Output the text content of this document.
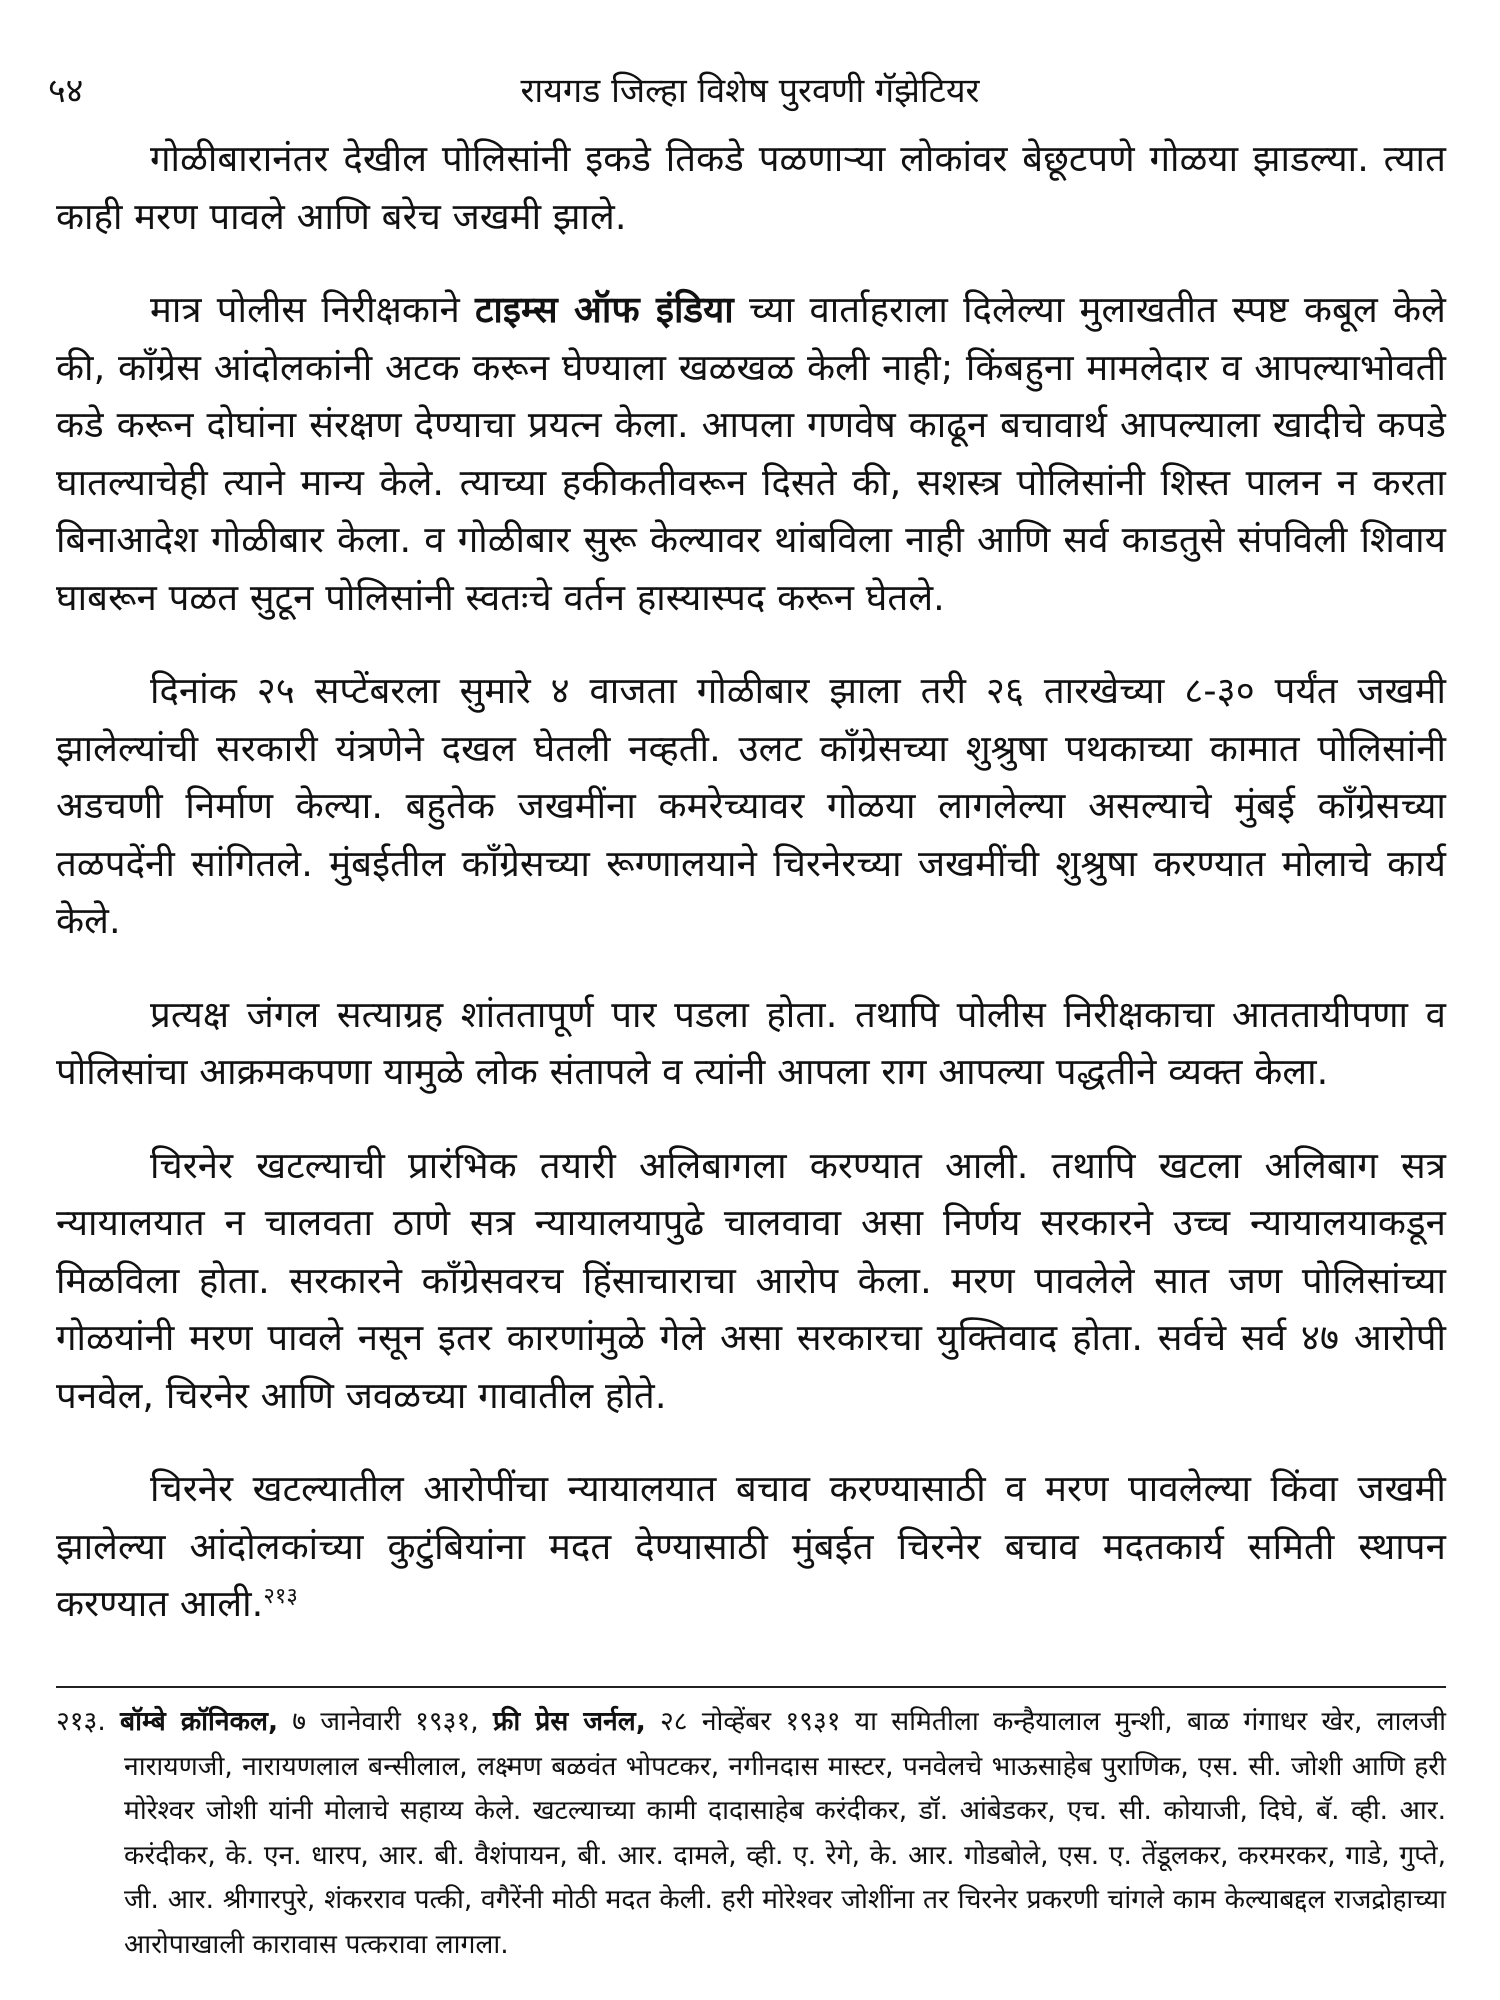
५४	रायगड जिल्हा विशेष पुरवणी गॅझेटियर

गोळीबारानंतर देखील पोलिसांनी इकडे तिकडे पळणाऱ्या लोकांवर बेछूटपणे गोळया झाडल्या. त्यात काही मरण पावले आणि बरेच जखमी झाले.

मात्र पोलीस निरीक्षकाने टाइम्स ऑफ इंडिया च्या वार्ताहराला दिलेल्या मुलाखतीत स्पष्ट कबूल केले की, काँग्रेस आंदोलकांनी अटक करून घेण्याला खळखळ केली नाही; किंबहुना मामलेदार व आपल्याभोवती कडे करून दोघांना संरक्षण देण्याचा प्रयत्न केला. आपला गणवेष काढून बचावार्थ आपल्याला खादीचे कपडे घातल्याचेही त्याने मान्य केले. त्याच्या हकीकतीवरून दिसते की, सशस्त्र पोलिसांनी शिस्त पालन न करता बिनाआदेश गोळीबार केला. व गोळीबार सुरू केल्यावर थांबविला नाही आणि सर्व काडतुसे संपविली शिवाय घाबरून पळत सुटून पोलिसांनी स्वतःचे वर्तन हास्यास्पद करून घेतले.

दिनांक २५ सप्टेंबरला सुमारे ४ वाजता गोळीबार झाला तरी २६ तारखेच्या ८-३० पर्यंत जखमी झालेल्यांची सरकारी यंत्रणेने दखल घेतली नव्हती. उलट काँग्रेसच्या शुश्रुषा पथकाच्या कामात पोलिसांनी अडचणी निर्माण केल्या. बहुतेक जखमींना कमरेच्यावर गोळया लागलेल्या असल्याचे मुंबई काँग्रेसच्या तळपदेंनी सांगितले. मुंबईतील काँग्रेसच्या रूग्णालयाने चिरनेरच्या जखमींची शुश्रुषा करण्यात मोलाचे कार्य केले.

प्रत्यक्ष जंगल सत्याग्रह शांततापूर्ण पार पडला होता. तथापि पोलीस निरीक्षकाचा आततायीपणा व पोलिसांचा आक्रमकपणा यामुळे लोक संतापले व त्यांनी आपला राग आपल्या पद्धतीने व्यक्त केला.

चिरनेर खटल्याची प्रारंभिक तयारी अलिबागला करण्यात आली. तथापि खटला अलिबाग सत्र न्यायालयात न चालवता ठाणे सत्र न्यायालयापुढे चालवावा असा निर्णय सरकारने उच्च न्यायालयाकडून मिळविला होता. सरकारने काँग्रेसवरच हिंसाचाराचा आरोप केला. मरण पावलेले सात जण पोलिसांच्या गोळयांनी मरण पावले नसून इतर कारणांमुळे गेले असा सरकारचा युक्तिवाद होता. सर्वचे सर्व ४७ आरोपी पनवेल, चिरनेर आणि जवळच्या गावातील होते.

चिरनेर खटल्यातील आरोपींचा न्यायालयात बचाव करण्यासाठी व मरण पावलेल्या किंवा जखमी झालेल्या आंदोलकांच्या कुटुंबियांना मदत देण्यासाठी मुंबईत चिरनेर बचाव मदतकार्य समिती स्थापन करण्यात आली.$^{२१३}$

२१३. बॉम्बे क्रॉनिकल, ७ जानेवारी १९३१, फ्री प्रेस जर्नल, २८ नोव्हेंबर १९३१ या समितीला कन्हैयालाल मुन्शी, बाळ गंगाधर खेर, लालजी नारायणजी, नारायणलाल बन्सीलाल, लक्ष्मण बळवंत भोपटकर, नगीनदास मास्टर, पनवेलचे भाऊसाहेब पुराणिक, एस. सी. जोशी आणि हरी मोरेश्वर जोशी यांनी मोलाचे सहाय्य केले. खटल्याच्या कामी दादासाहेब करंदीकर, डॉ. आंबेडकर, एच. सी. कोयाजी, दिघे, बॅ. व्ही. आर. करंदीकर, के. एन. धारप, आर. बी. वैशंपायन, बी. आर. दामले, व्ही. ए. रेगे, के. आर. गोडबोले, एस. ए. तेंडूलकर, करमरकर, गाडे, गुप्ते, जी. आर. श्रीगारपुरे, शंकरराव पत्की, वगैरेंनी मोठी मदत केली. हरी मोरेश्वर जोशींना तर चिरनेर प्रकरणी चांगले काम केल्याबद्दल राजद्रोहाच्या आरोपाखाली कारावास पत्करावा लागला.
